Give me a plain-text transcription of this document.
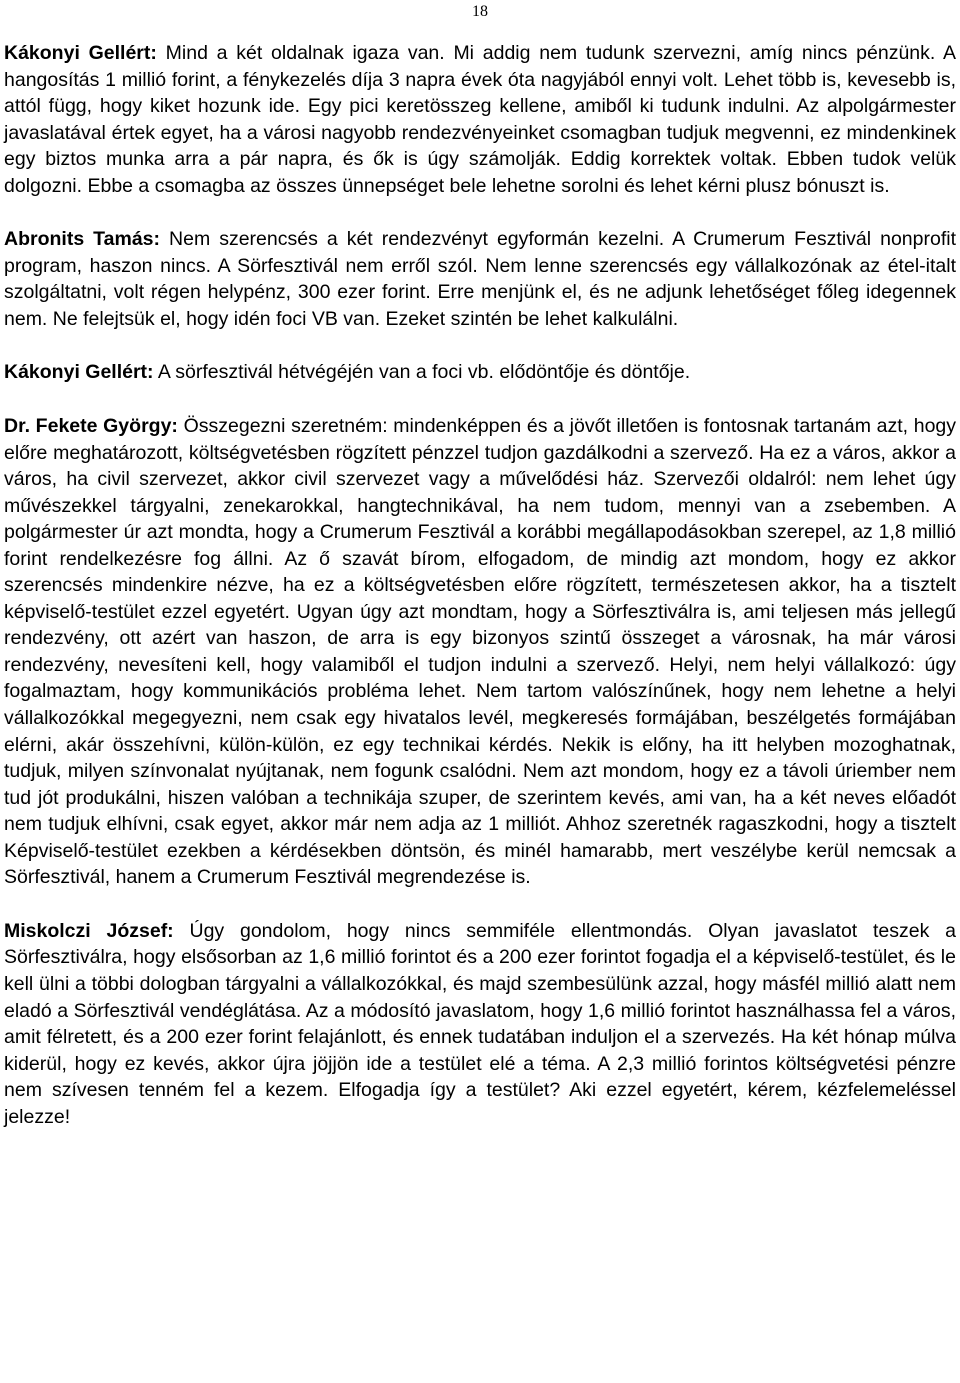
18

Kákonyi Gellért: Mind a két oldalnak igaza van. Mi addig nem tudunk szervezni, amíg nincs pénzünk. A hangosítás 1 millió forint, a fénykezelés díja 3 napra évek óta nagyjából ennyi volt. Lehet több is, kevesebb is, attól függ, hogy kiket hozunk ide. Egy pici keretösszeg kellene, amiből ki tudunk indulni. Az alpolgármester javaslatával értek egyet, ha a városi nagyobb rendezvényeinket csomagban tudjuk megvenni, ez mindenkinek egy biztos munka arra a pár napra, és ők is úgy számolják. Eddig korrektek voltak. Ebben tudok velük dolgozni. Ebbe a csomagba az összes ünnepséget bele lehetne sorolni és lehet kérni plusz bónuszt is.

Abronits Tamás: Nem szerencsés a két rendezvényt egyformán kezelni. A Crumerum Fesztivál nonprofit program, haszon nincs. A Sörfesztivál nem erről szól. Nem lenne szerencsés egy vállalkozónak az étel-italt szolgáltatni, volt régen helypénz, 300 ezer forint. Erre menjünk el, és ne adjunk lehetőséget főleg idegennek nem. Ne felejtsük el, hogy idén foci VB van. Ezeket szintén be lehet kalkulálni.

Kákonyi Gellért: A sörfesztivál hétvégéjén van a foci vb. elődöntője és döntője.

Dr. Fekete György: Összegezni szeretném: mindenképpen és a jövőt illetően is fontosnak tartanám azt, hogy előre meghatározott, költségvetésben rögzített pénzzel tudjon gazdálkodni a szervező. Ha ez a város, akkor a város, ha civil szervezet, akkor civil szervezet vagy a művelődési ház. Szervezői oldalról: nem lehet úgy művészekkel tárgyalni, zenekarokkal, hangtechnikával, ha nem tudom, mennyi van a zsebemben. A polgármester úr azt mondta, hogy a Crumerum Fesztivál a korábbi megállapodásokban szerepel, az 1,8 millió forint rendelkezésre fog állni. Az ő szavát bírom, elfogadom, de mindig azt mondom, hogy ez akkor szerencsés mindenkire nézve, ha ez a költségvetésben előre rögzített, természetesen akkor, ha a tisztelt képviselő-testület ezzel egyetért. Ugyan úgy azt mondtam, hogy a Sörfesztiválra is, ami teljesen más jellegű rendezvény, ott azért van haszon, de arra is egy bizonyos szintű összeget a városnak, ha már városi rendezvény, nevesíteni kell, hogy valamiből el tudjon indulni a szervező. Helyi, nem helyi vállalkozó: úgy fogalmaztam, hogy kommunikációs probléma lehet. Nem tartom valószínűnek, hogy nem lehetne a helyi vállalkozókkal megegyezni, nem csak egy hivatalos levél, megkeresés formájában, beszélgetés formájában elérni, akár összehívni, külön-külön, ez egy technikai kérdés. Nekik is előny, ha itt helyben mozoghatnak, tudjuk, milyen színvonalat nyújtanak, nem fogunk csalódni. Nem azt mondom, hogy ez a távoli úriember nem tud jót produkálni, hiszen valóban a technikája szuper, de szerintem kevés, ami van, ha a két neves előadót nem tudjuk elhívni, csak egyet, akkor már nem adja az 1 milliót. Ahhoz szeretnék ragaszkodni, hogy a tisztelt Képviselő-testület ezekben a kérdésekben döntsön, és minél hamarabb, mert veszélybe kerül nemcsak a Sörfesztivál, hanem a Crumerum Fesztivál megrendezése is.

Miskolczi József: Úgy gondolom, hogy nincs semmiféle ellentmondás. Olyan javaslatot teszek a Sörfesztiválra, hogy elsősorban az 1,6 millió forintot és a 200 ezer forintot fogadja el a képviselő-testület, és le kell ülni a többi dologban tárgyalni a vállalkozókkal, és majd szembesülünk azzal, hogy másfél millió alatt nem eladó a Sörfesztivál vendéglátása. Az a módosító javaslatom, hogy 1,6 millió forintot használhassa fel a város, amit félretett, és a 200 ezer forint felajánlott, és ennek tudatában induljon el a szervezés. Ha két hónap múlva kiderül, hogy ez kevés, akkor újra jöjjön ide a testület elé a téma. A 2,3 millió forintos költségvetési pénzre nem szívesen tenném fel a kezem. Elfogadja így a testület? Aki ezzel egyetért, kérem, kézfelemeléssel jelezze!
